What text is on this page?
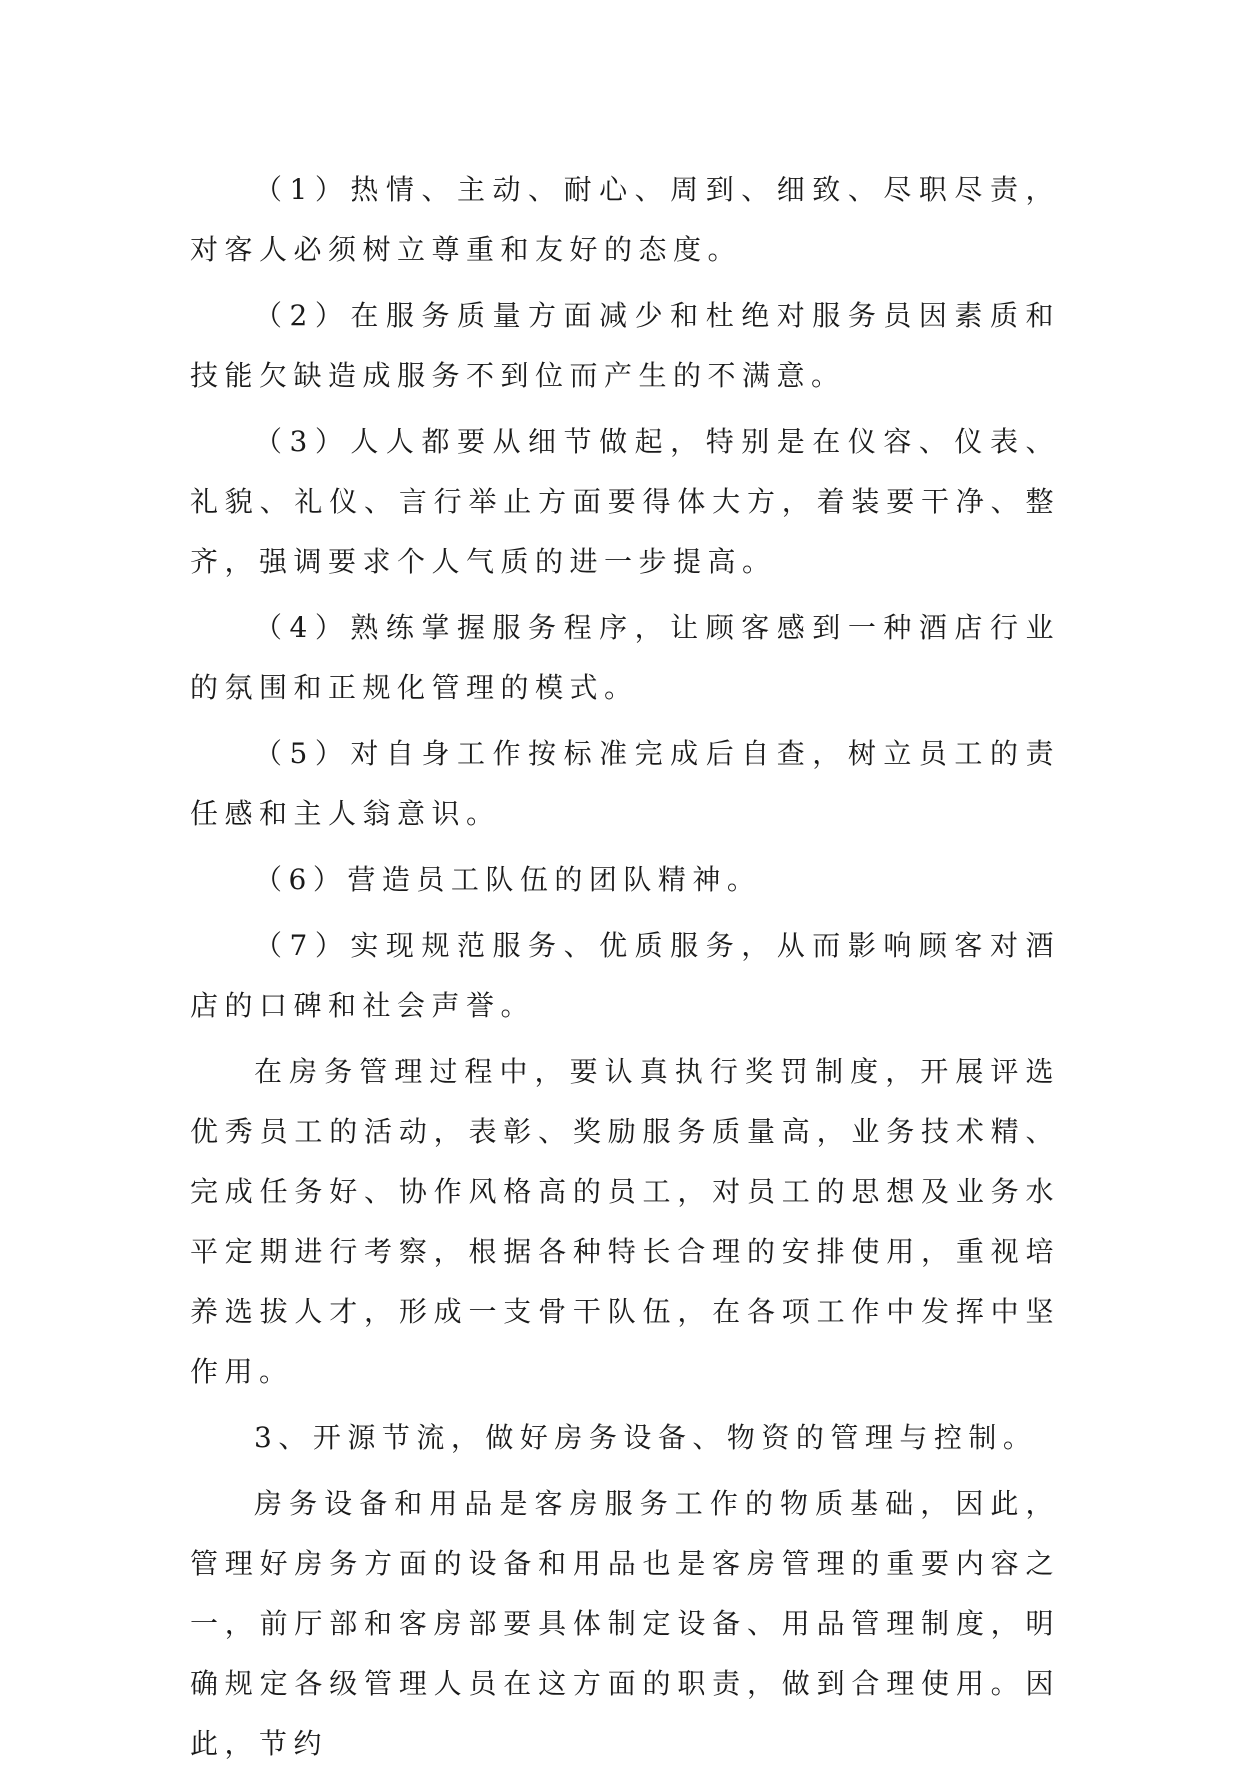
（1）热情、主动、耐心、周到、细致、尽职尽责，对客人必须树立尊重和友好的态度。

（2）在服务质量方面减少和杜绝对服务员因素质和技能欠缺造成服务不到位而产生的不满意。

（3）人人都要从细节做起，特别是在仪容、仪表、礼貌、礼仪、言行举止方面要得体大方，着装要干净、整齐，强调要求个人气质的进一步提高。

（4）熟练掌握服务程序，让顾客感到一种酒店行业的氛围和正规化管理的模式。

（5）对自身工作按标准完成后自查，树立员工的责任感和主人翁意识。

（6）营造员工队伍的团队精神。

（7）实现规范服务、优质服务，从而影响顾客对酒店的口碑和社会声誉。

在房务管理过程中，要认真执行奖罚制度，开展评选优秀员工的活动，表彰、奖励服务质量高，业务技术精、完成任务好、协作风格高的员工，对员工的思想及业务水平定期进行考察，根据各种特长合理的安排使用，重视培养选拔人才，形成一支骨干队伍，在各项工作中发挥中坚作用。

3、开源节流，做好房务设备、物资的管理与控制。

房务设备和用品是客房服务工作的物质基础，因此，管理好房务方面的设备和用品也是客房管理的重要内容之一，前厅部和客房部要具体制定设备、用品管理制度，明确规定各级管理人员在这方面的职责，做到合理使用。因此，节约
